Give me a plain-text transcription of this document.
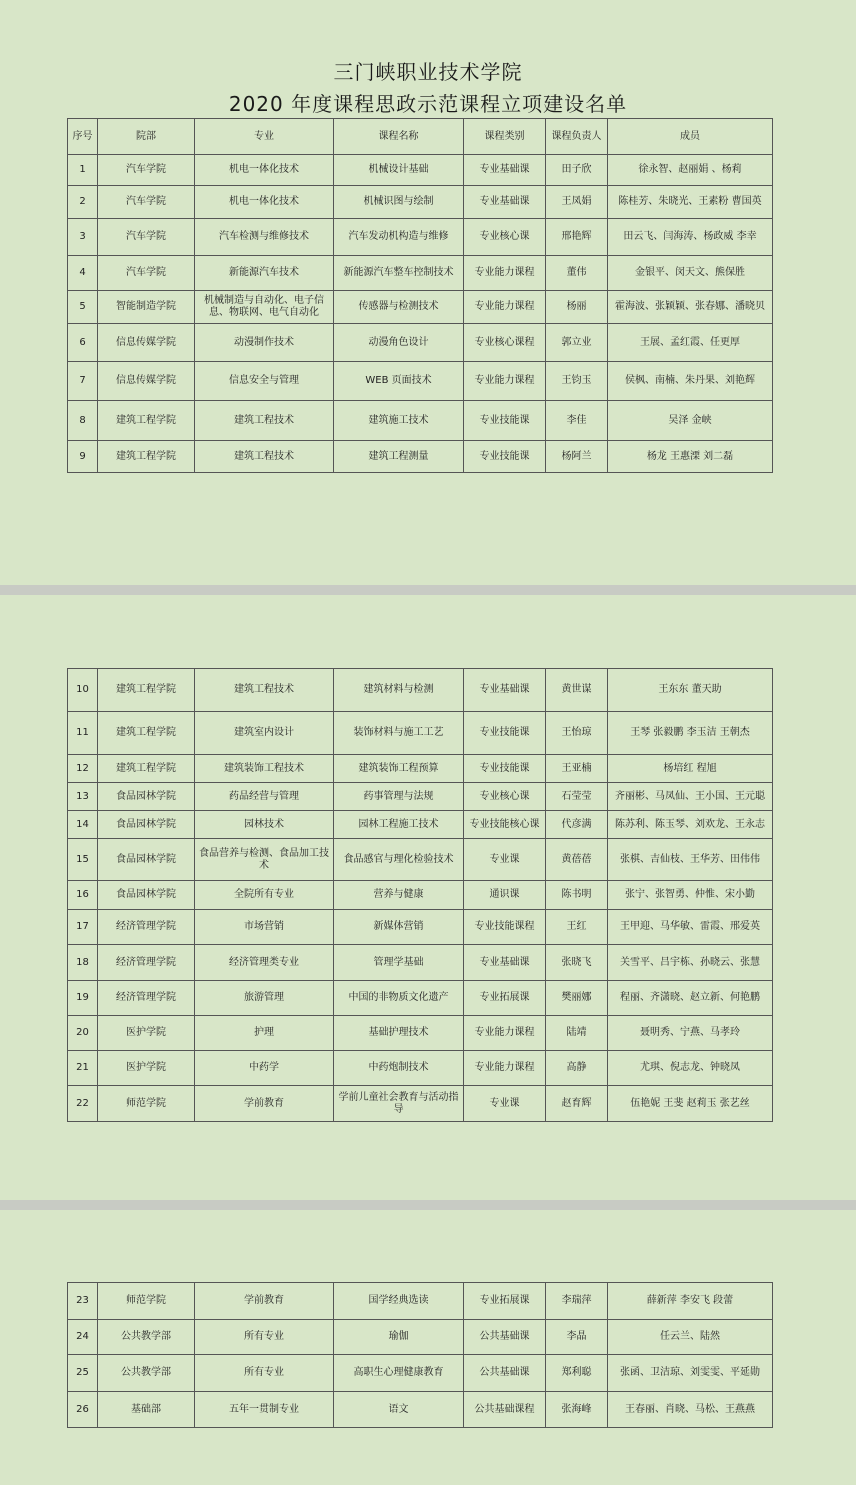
三门峡职业技术学院
2020 年度课程思政示范课程立项建设名单
序号	院部	专业	课程名称	课程类别	课程负责人	成员
1	汽车学院	机电一体化技术	机械设计基础	专业基础课	田子欣	徐永智、赵丽娟 、杨莉
2	汽车学院	机电一体化技术	机械识图与绘制	专业基础课	王凤娟	陈桂芳、朱晓光、王素粉 曹国英
3	汽车学院	汽车检测与维修技术	汽车发动机构造与维修	专业核心课	邢艳辉	田云飞、闫海涛、杨政威 李幸
4	汽车学院	新能源汽车技术	新能源汽车整车控制技术	专业能力课程	董伟	金银平、闵天文、熊保胜
5	智能制造学院	机械制造与自动化、电子信息、物联网、电气自动化	传感器与检测技术	专业能力课程	杨丽	霍海波、张颖颖、张春娜、潘晓贝
6	信息传媒学院	动漫制作技术	动漫角色设计	专业核心课程	郭立业	王展、孟红霞、任更厚
7	信息传媒学院	信息安全与管理	WEB 页面技术	专业能力课程	王钧玉	侯枫、南楠、朱丹果、刘艳辉
8	建筑工程学院	建筑工程技术	建筑施工技术	专业技能课	李佳	吴泽 金峡
9	建筑工程学院	建筑工程技术	建筑工程测量	专业技能课	杨阿兰	杨龙 王惠溧 刘二磊
10	建筑工程学院	建筑工程技术	建筑材料与检测	专业基础课	黄世谋	王东东 董天助
11	建筑工程学院	建筑室内设计	装饰材料与施工工艺	专业技能课	王怡琼	王琴 张毅鹏 李玉洁 王朝杰
12	建筑工程学院	建筑装饰工程技术	建筑装饰工程预算	专业技能课	王亚楠	杨培红 程旭
13	食品园林学院	药品经营与管理	药事管理与法规	专业核心课	石莹莹	齐丽彬、马凤仙、王小国、王元聪
14	食品园林学院	园林技术	园林工程施工技术	专业技能核心课	代彦满	陈苏利、陈玉琴、刘欢龙、王永志
15	食品园林学院	食品营养与检测、食品加工技术	食品感官与理化检验技术	专业课	黄蓓蓓	张棋、吉仙枝、王华芳、田伟伟
16	食品园林学院	全院所有专业	营养与健康	通识课	陈书明	张宁、张智勇、仲惟、宋小勤
17	经济管理学院	市场营销	新媒体营销	专业技能课程	王红	王甲迎、马华敏、雷霞、邢爱英
18	经济管理学院	经济管理类专业	管理学基础	专业基础课	张晓飞	关雪平、吕宇栋、孙晓云、张慧
19	经济管理学院	旅游管理	中国的非物质文化遗产	专业拓展课	樊丽娜	程丽、齐潇晓、赵立新、何艳鹏
20	医护学院	护理	基础护理技术	专业能力课程	陆靖	聂明秀、宁燕、马孝玲
21	医护学院	中药学	中药炮制技术	专业能力课程	高静	尤琪、倪志龙、钟晓凤
22	师范学院	学前教育	学前儿童社会教育与活动指导	专业课	赵育辉	伍艳妮 王斐 赵莉玉 张艺丝
23	师范学院	学前教育	国学经典选读	专业拓展课	李瑞萍	薛新萍 李安飞 段蕾
24	公共教学部	所有专业	瑜伽	公共基础课	李晶	任云兰、陆然
25	公共教学部	所有专业	高职生心理健康教育	公共基础课	郑利聪	张函、卫洁琼、刘雯雯、平延勋
26	基础部	五年一贯制专业	语文	公共基础课程	张海峰	王春丽、肖晓、马松、王燕燕
